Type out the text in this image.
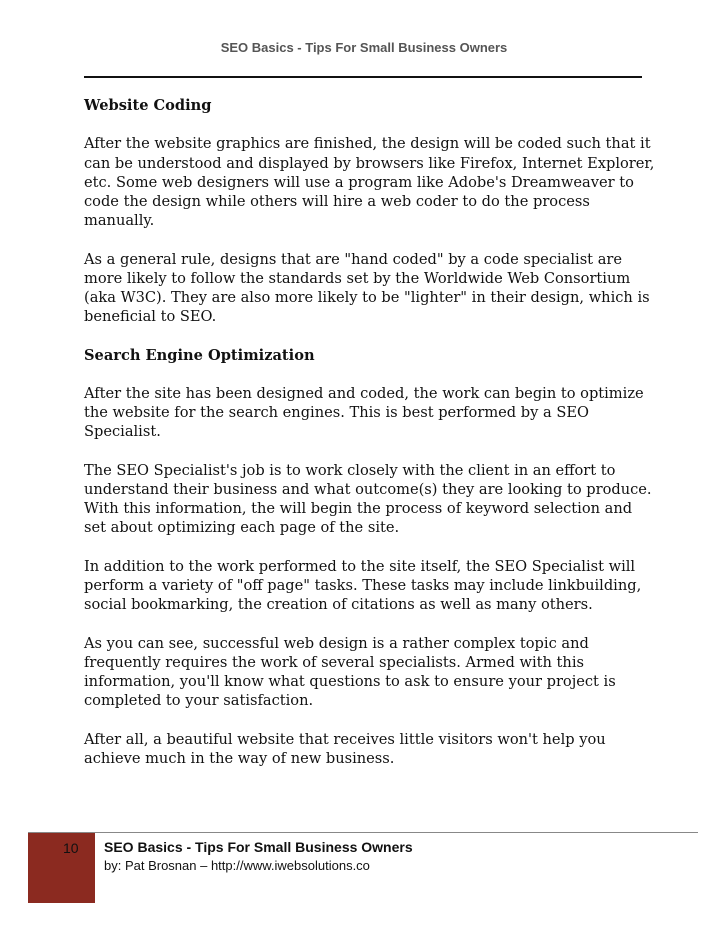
SEO Basics - Tips For Small Business Owners
Website Coding

After the website graphics are finished, the design will be coded such that it can be understood and displayed by browsers like Firefox, Internet Explorer, etc. Some web designers will use a program like Adobe's Dreamweaver to code the design while others will hire a web coder to do the process manually.

As a general rule, designs that are "hand coded" by a code specialist are more likely to follow the standards set by the Worldwide Web Consortium (aka W3C). They are also more likely to be "lighter" in their design, which is beneficial to SEO.

Search Engine Optimization

After the site has been designed and coded, the work can begin to optimize the website for the search engines. This is best performed by a SEO Specialist.

The SEO Specialist's job is to work closely with the client in an effort to understand their business and what outcome(s) they are looking to produce. With this information, the will begin the process of keyword selection and set about optimizing each page of the site.

In addition to the work performed to the site itself, the SEO Specialist will perform a variety of "off page" tasks. These tasks may include linkbuilding, social bookmarking, the creation of citations as well as many others.

As you can see, successful web design is a rather complex topic and frequently requires the work of several specialists. Armed with this information, you'll know what questions to ask to ensure your project is completed to your satisfaction.

After all, a beautiful website that receives little visitors won't help you achieve much in the way of new business.

10	SEO Basics - Tips For Small Business Owners
by: Pat Brosnan – http://www.iwebsolutions.co
